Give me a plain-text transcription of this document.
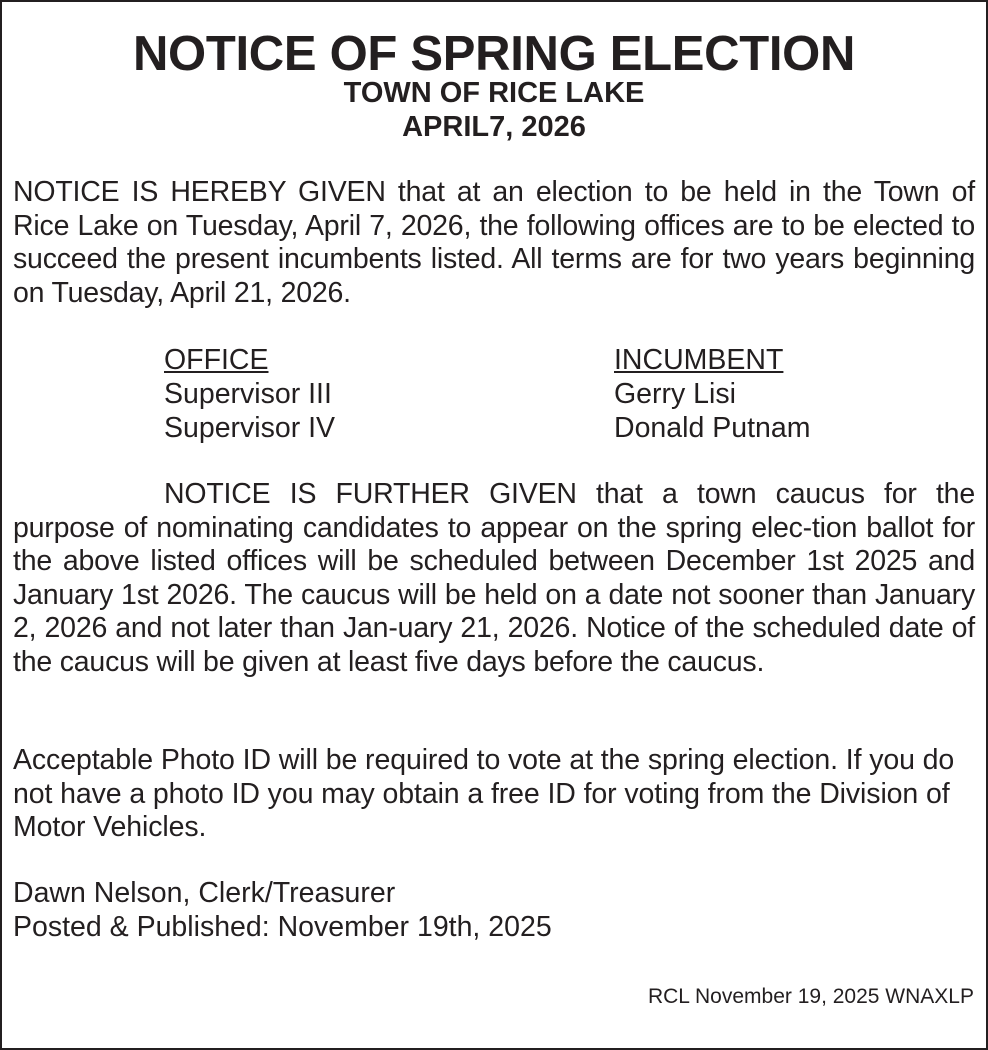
NOTICE OF SPRING ELECTION
TOWN OF RICE LAKE
APRIL7, 2026
NOTICE IS HEREBY GIVEN that at an election to be held in the Town of Rice Lake on Tuesday, April 7, 2026, the following offices are to be elected to succeed the present incumbents listed. All terms are for two years beginning on Tuesday, April 21, 2026.
OFFICE
Supervisor III
Supervisor IV
INCUMBENT
Gerry Lisi
Donald Putnam
NOTICE IS FURTHER GIVEN that a town caucus for the purpose of nominating candidates to appear on the spring elec-tion ballot for the above listed offices will be scheduled between December 1st 2025 and January 1st 2026. The caucus will be held on a date not sooner than January 2, 2026 and not later than Jan-uary 21, 2026. Notice of the scheduled date of the caucus will be given at least five days before the caucus.
Acceptable Photo ID will be required to vote at the spring election. If you do not have a photo ID you may obtain a free ID for voting from the Division of Motor Vehicles.
Dawn Nelson, Clerk/Treasurer
Posted & Published: November 19th, 2025
RCL November 19, 2025 WNAXLP
